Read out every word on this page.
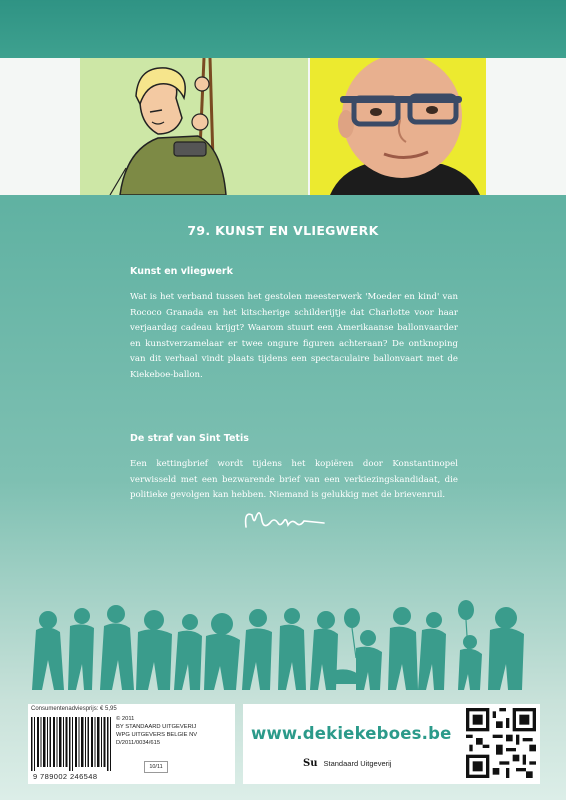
79. KUNST EN VLIEGWERK
Kunst en vliegwerk

Wat is het verband tussen het gestolen meesterwerk 'Moeder en kind' van Rococo Granada en het kitscherige schilderijtje dat Charlotte voor haar verjaardag cadeau krijgt? Waarom stuurt een Amerikaanse ballonvaarder en kunstverzamelaar er twee ongure figuren achteraan? De ontknoping van dit verhaal vindt plaats tijdens een spectaculaire ballonvaart met de Kiekeboe-ballon.

De straf van Sint Tetis

Een kettingbrief wordt tijdens het kopiëren door Konstantinopel verwisseld met een bezwarende brief van een verkiezingskandidaat, die politieke gevolgen kan hebben. Niemand is gelukkig met de brievenruil.

Consumentenadviesprijs: € 5,95
9 789002 246548
© 2011
BY STANDAARD UITGEVERIJ
WPG UITGEVERS BELGIE NV
D/2011/0034/615
10/11
www.dekiekeboes.be
Su Standaard Uitgeverij
